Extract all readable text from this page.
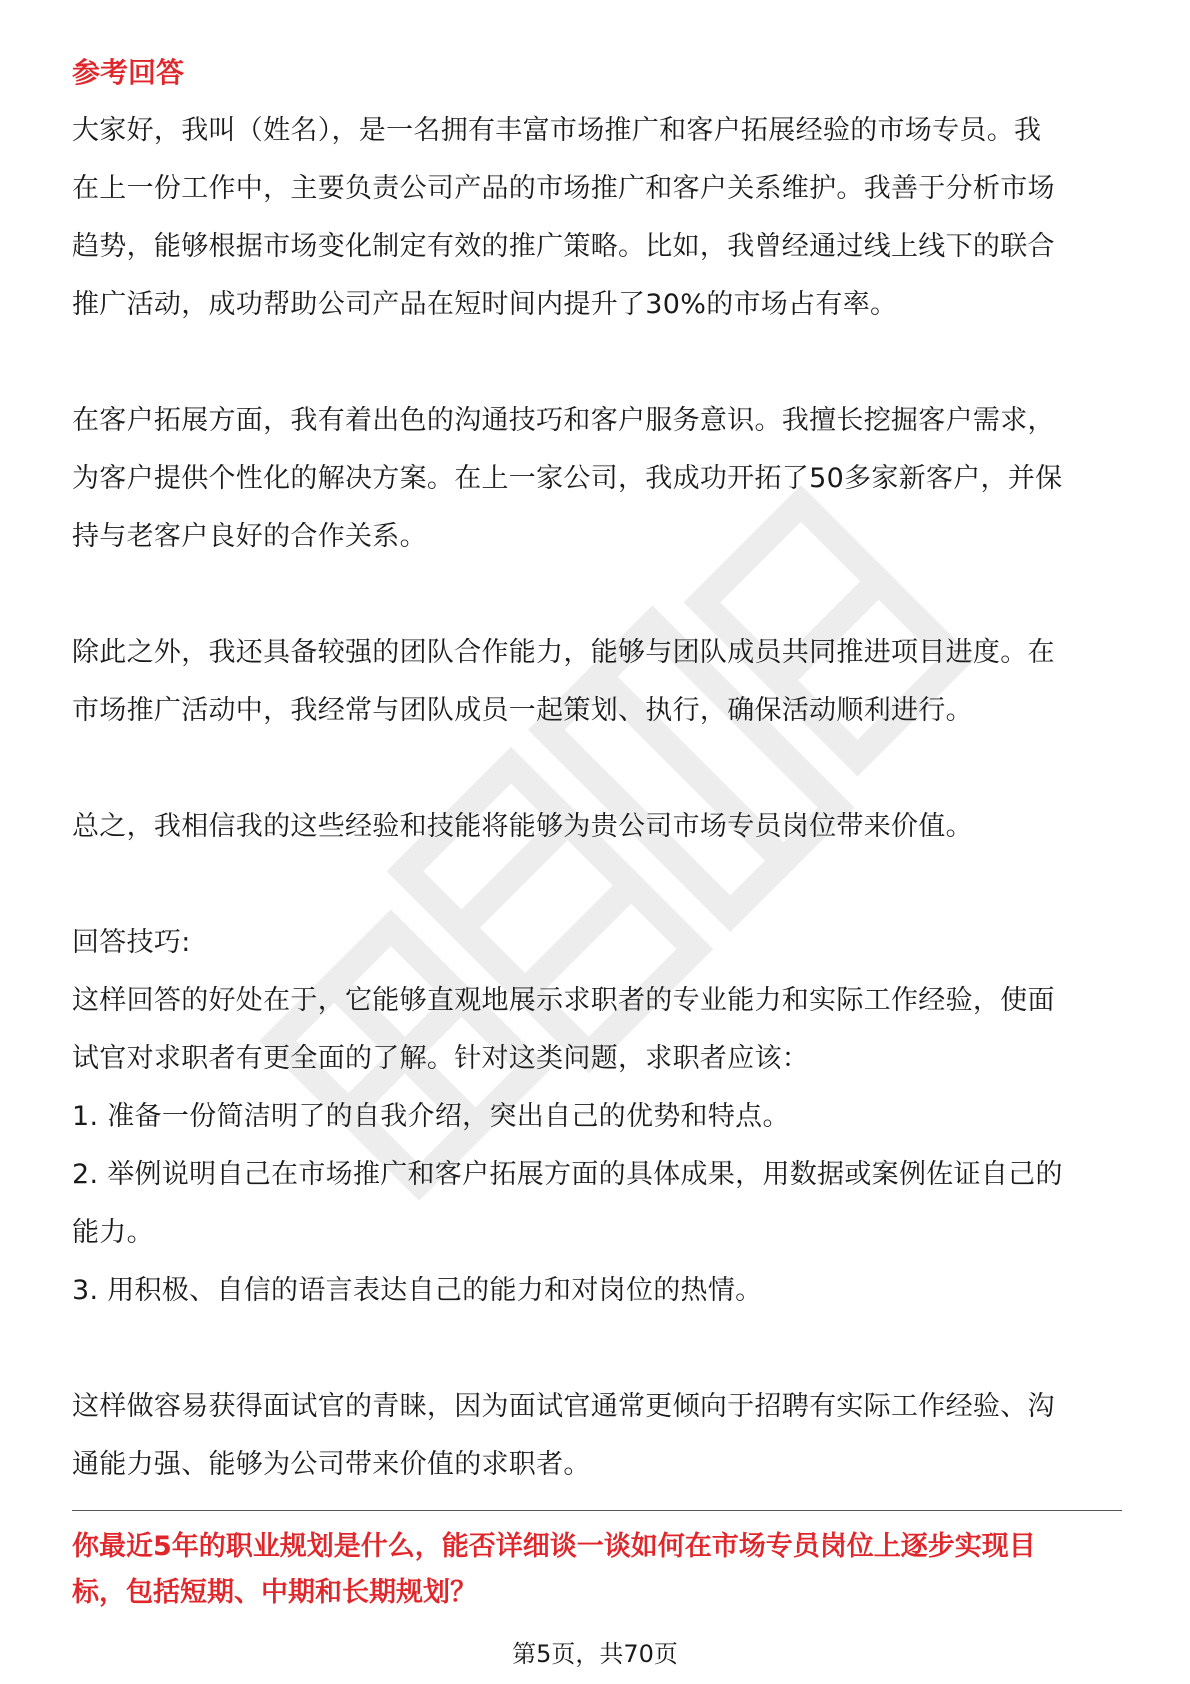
参考回答
大家好，我叫（姓名），是一名拥有丰富市场推广和客户拓展经验的市场专员。我
在上一份工作中，主要负责公司产品的市场推广和客户关系维护。我善于分析市场
趋势，能够根据市场变化制定有效的推广策略。比如，我曾经通过线上线下的联合
推广活动，成功帮助公司产品在短时间内提升了30%的市场占有率。
在客户拓展方面，我有着出色的沟通技巧和客户服务意识。我擅长挖掘客户需求，
为客户提供个性化的解决方案。在上一家公司，我成功开拓了50多家新客户，并保
持与老客户良好的合作关系。
除此之外，我还具备较强的团队合作能力，能够与团队成员共同推进项目进度。在
市场推广活动中，我经常与团队成员一起策划、执行，确保活动顺利进行。
总之，我相信我的这些经验和技能将能够为贵公司市场专员岗位带来价值。
回答技巧:
这样回答的好处在于，它能够直观地展示求职者的专业能力和实际工作经验，使面
试官对求职者有更全面的了解。针对这类问题，求职者应该：
1. 准备一份简洁明了的自我介绍，突出自己的优势和特点。
2. 举例说明自己在市场推广和客户拓展方面的具体成果，用数据或案例佐证自己的
能力。
3. 用积极、自信的语言表达自己的能力和对岗位的热情。
这样做容易获得面试官的青睐，因为面试官通常更倾向于招聘有实际工作经验、沟
通能力强、能够为公司带来价值的求职者。
你最近5年的职业规划是什么，能否详细谈一谈如何在市场专员岗位上逐步实现目
标，包括短期、中期和长期规划？
第5页，共70页
